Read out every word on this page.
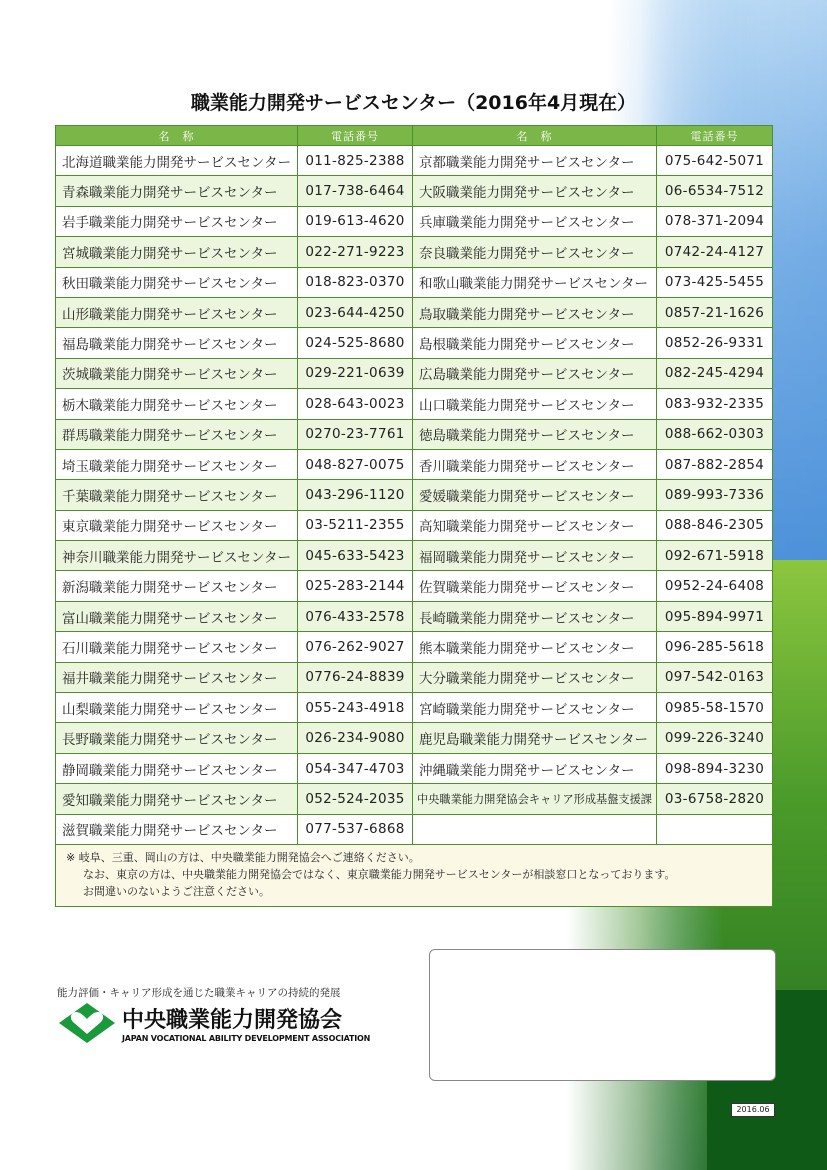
職業能力開発サービスセンター（2016年4月現在）
名　称	電話番号	名　称	電話番号
北海道職業能力開発サービスセンター	011-825-2388	京都職業能力開発サービスセンター	075-642-5071
青森職業能力開発サービスセンター	017-738-6464	大阪職業能力開発サービスセンター	06-6534-7512
岩手職業能力開発サービスセンター	019-613-4620	兵庫職業能力開発サービスセンター	078-371-2094
宮城職業能力開発サービスセンター	022-271-9223	奈良職業能力開発サービスセンター	0742-24-4127
秋田職業能力開発サービスセンター	018-823-0370	和歌山職業能力開発サービスセンター	073-425-5455
山形職業能力開発サービスセンター	023-644-4250	鳥取職業能力開発サービスセンター	0857-21-1626
福島職業能力開発サービスセンター	024-525-8680	島根職業能力開発サービスセンター	0852-26-9331
茨城職業能力開発サービスセンター	029-221-0639	広島職業能力開発サービスセンター	082-245-4294
栃木職業能力開発サービスセンター	028-643-0023	山口職業能力開発サービスセンター	083-932-2335
群馬職業能力開発サービスセンター	0270-23-7761	徳島職業能力開発サービスセンター	088-662-0303
埼玉職業能力開発サービスセンター	048-827-0075	香川職業能力開発サービスセンター	087-882-2854
千葉職業能力開発サービスセンター	043-296-1120	愛媛職業能力開発サービスセンター	089-993-7336
東京職業能力開発サービスセンター	03-5211-2355	高知職業能力開発サービスセンター	088-846-2305
神奈川職業能力開発サービスセンター	045-633-5423	福岡職業能力開発サービスセンター	092-671-5918
新潟職業能力開発サービスセンター	025-283-2144	佐賀職業能力開発サービスセンター	0952-24-6408
富山職業能力開発サービスセンター	076-433-2578	長崎職業能力開発サービスセンター	095-894-9971
石川職業能力開発サービスセンター	076-262-9027	熊本職業能力開発サービスセンター	096-285-5618
福井職業能力開発サービスセンター	0776-24-8839	大分職業能力開発サービスセンター	097-542-0163
山梨職業能力開発サービスセンター	055-243-4918	宮崎職業能力開発サービスセンター	0985-58-1570
長野職業能力開発サービスセンター	026-234-9080	鹿児島職業能力開発サービスセンター	099-226-3240
静岡職業能力開発サービスセンター	054-347-4703	沖縄職業能力開発サービスセンター	098-894-3230
愛知職業能力開発サービスセンター	052-524-2035	中央職業能力開発協会キャリア形成基盤支援課	03-6758-2820
滋賀職業能力開発サービスセンター	077-537-6868		

※ 岐阜、三重、岡山の方は、中央職業能力開発協会へご連絡ください。
なお、東京の方は、中央職業能力開発協会ではなく、東京職業能力開発サービスセンターが相談窓口となっております。
お間違いのないようご注意ください。			
能力評価・キャリア形成を通じた職業キャリアの持続的発展
中央職業能力開発協会
JAPAN VOCATIONAL ABILITY DEVELOPMENT ASSOCIATION
2016.06
